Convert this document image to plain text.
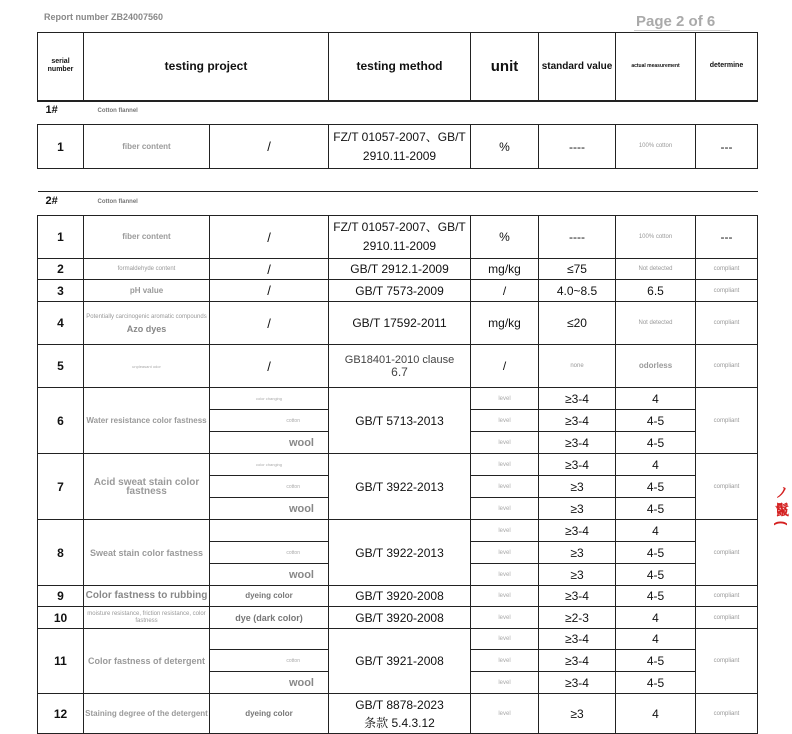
Report number ZB24007560	Page 2 of 6
ノ 鬣 (
serial number	testing project		testing method	unit	standard value	actual measurement	determine
1# Cotton flannel							

1	fiber content	/	FZ/T 01057-2007、GB/T 2910.11-2009	%	----	100% cotton	---

2# Cotton flannel							

1	fiber content	/	FZ/T 01057-2007、GB/T 2910.11-2009	%	----	100% cotton	---
2	formaldehyde content	/	GB/T 2912.1-2009	mg/kg	≤75	Not detected	compliant
3	pH value	/	GB/T 7573-2009	/	4.0~8.5	6.5	compliant
4	Potentially carcinogenic aromatic compounds
Azo dyes	/	GB/T 17592-2011	mg/kg	≤20	Not detected	compliant
5	unpleasant odor	/	GB18401-2010 clause
6.7	/	none	odorless	compliant
6	Water resistance color fastness	color changing	GB/T 5713-2013	level	≥3-4	4	compliant
		cotton		level	≥3-4	4-5	
		wool		level	≥3-4	4-5	
7	Acid sweat stain color fastness	color changing	GB/T 3922-2013	level	≥3-4	4	compliant
		cotton		level	≥3	4-5	
		wool		level	≥3	4-5	
8	Sweat stain color fastness		GB/T 3922-2013	level	≥3-4	4	compliant
		cotton		level	≥3	4-5	
		wool		level	≥3	4-5	
9	Color fastness to rubbing	dyeing color	GB/T 3920-2008	level	≥3-4	4-5	compliant
10	moisture resistance, friction resistance, color fastness	dye (dark color)	GB/T 3920-2008	level	≥2-3	4	compliant
11	Color fastness of detergent		GB/T 3921-2008	level	≥3-4	4	compliant
		cotton		level	≥3-4	4-5	
		wool		level	≥3-4	4-5	
12	Staining degree of the detergent	dyeing color	GB/T 8878-2023
条款 5.4.3.12	level	≥3	4	compliant
